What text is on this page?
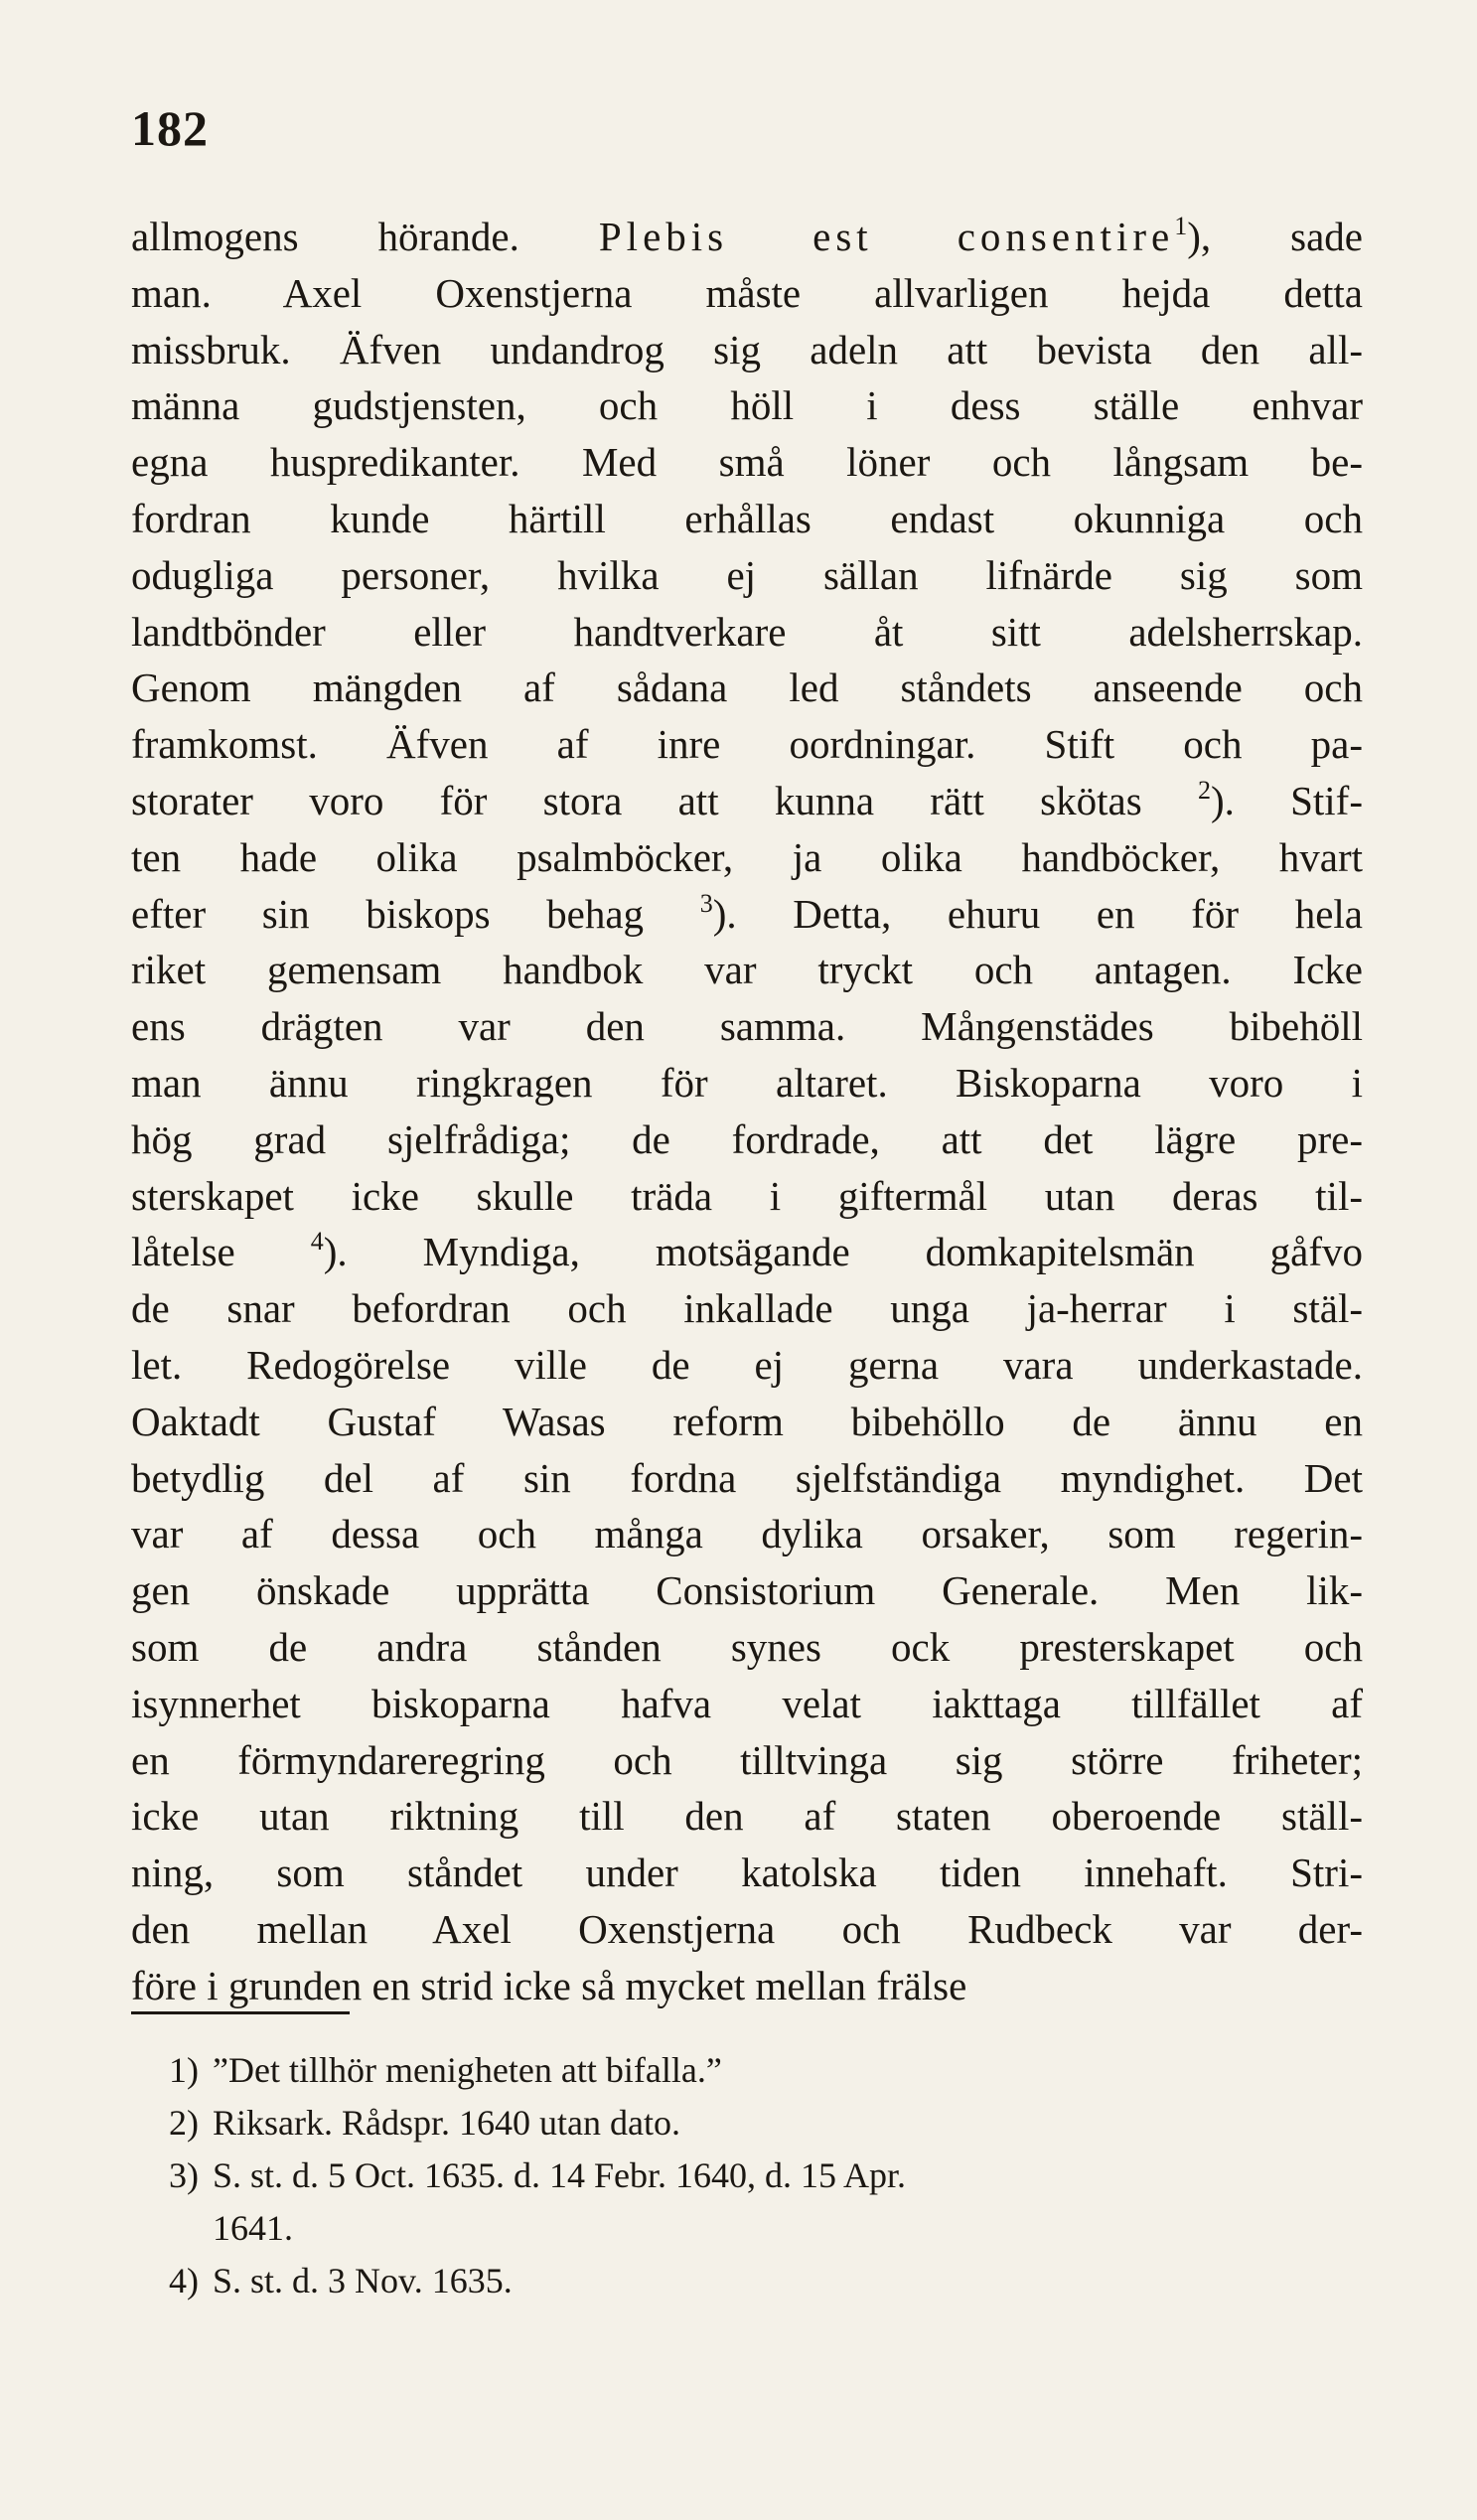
182
allmogens hörande. Plebis est consentire$^1$), sade
man. Axel Oxenstjerna måste allvarligen hejda detta
missbruk. Äfven undandrog sig adeln att bevista den all-
männa gudstjensten, och höll i dess ställe enhvar
egna huspredikanter. Med små löner och långsam be-
fordran kunde härtill erhållas endast okunniga och
odugliga personer, hvilka ej sällan lifnärde sig som
landtbönder eller handtverkare åt sitt adelsherrskap.
Genom mängden af sådana led ståndets anseende och
framkomst. Äfven af inre oordningar. Stift och pa-
storater voro för stora att kunna rätt skötas $^2$). Stif-
ten hade olika psalmböcker, ja olika handböcker, hvart
efter sin biskops behag $^3$). Detta, ehuru en för hela
riket gemensam handbok var tryckt och antagen. Icke
ens drägten var den samma. Mångenstädes bibehöll
man ännu ringkragen för altaret. Biskoparna voro i
hög grad sjelfrådiga; de fordrade, att det lägre pre-
sterskapet icke skulle träda i giftermål utan deras til-
låtelse $^4$). Myndiga, motsägande domkapitelsmän gåfvo
de snar befordran och inkallade unga ja-herrar i stäl-
let. Redogörelse ville de ej gerna vara underkastade.
Oaktadt Gustaf Wasas reform bibehöllo de ännu en
betydlig del af sin fordna sjelfständiga myndighet. Det
var af dessa och många dylika orsaker, som regerin-
gen önskade upprätta Consistorium Generale. Men lik-
som de andra stånden synes ock presterskapet och
isynnerhet biskoparna hafva velat iakttaga tillfället af
en förmyndareregring och tilltvinga sig större friheter;
icke utan riktning till den af staten oberoende ställ-
ning, som ståndet under katolska tiden innehaft. Stri-
den mellan Axel Oxenstjerna och Rudbeck var der-
före i grunden en strid icke så mycket mellan frälse
1) ”Det tillhör menigheten att bifalla.”
2) Riksark. Rådspr. 1640 utan dato.
3) S. st. d. 5 Oct. 1635. d. 14 Febr. 1640, d. 15 Apr.
1641.
4) S. st. d. 3 Nov. 1635.
